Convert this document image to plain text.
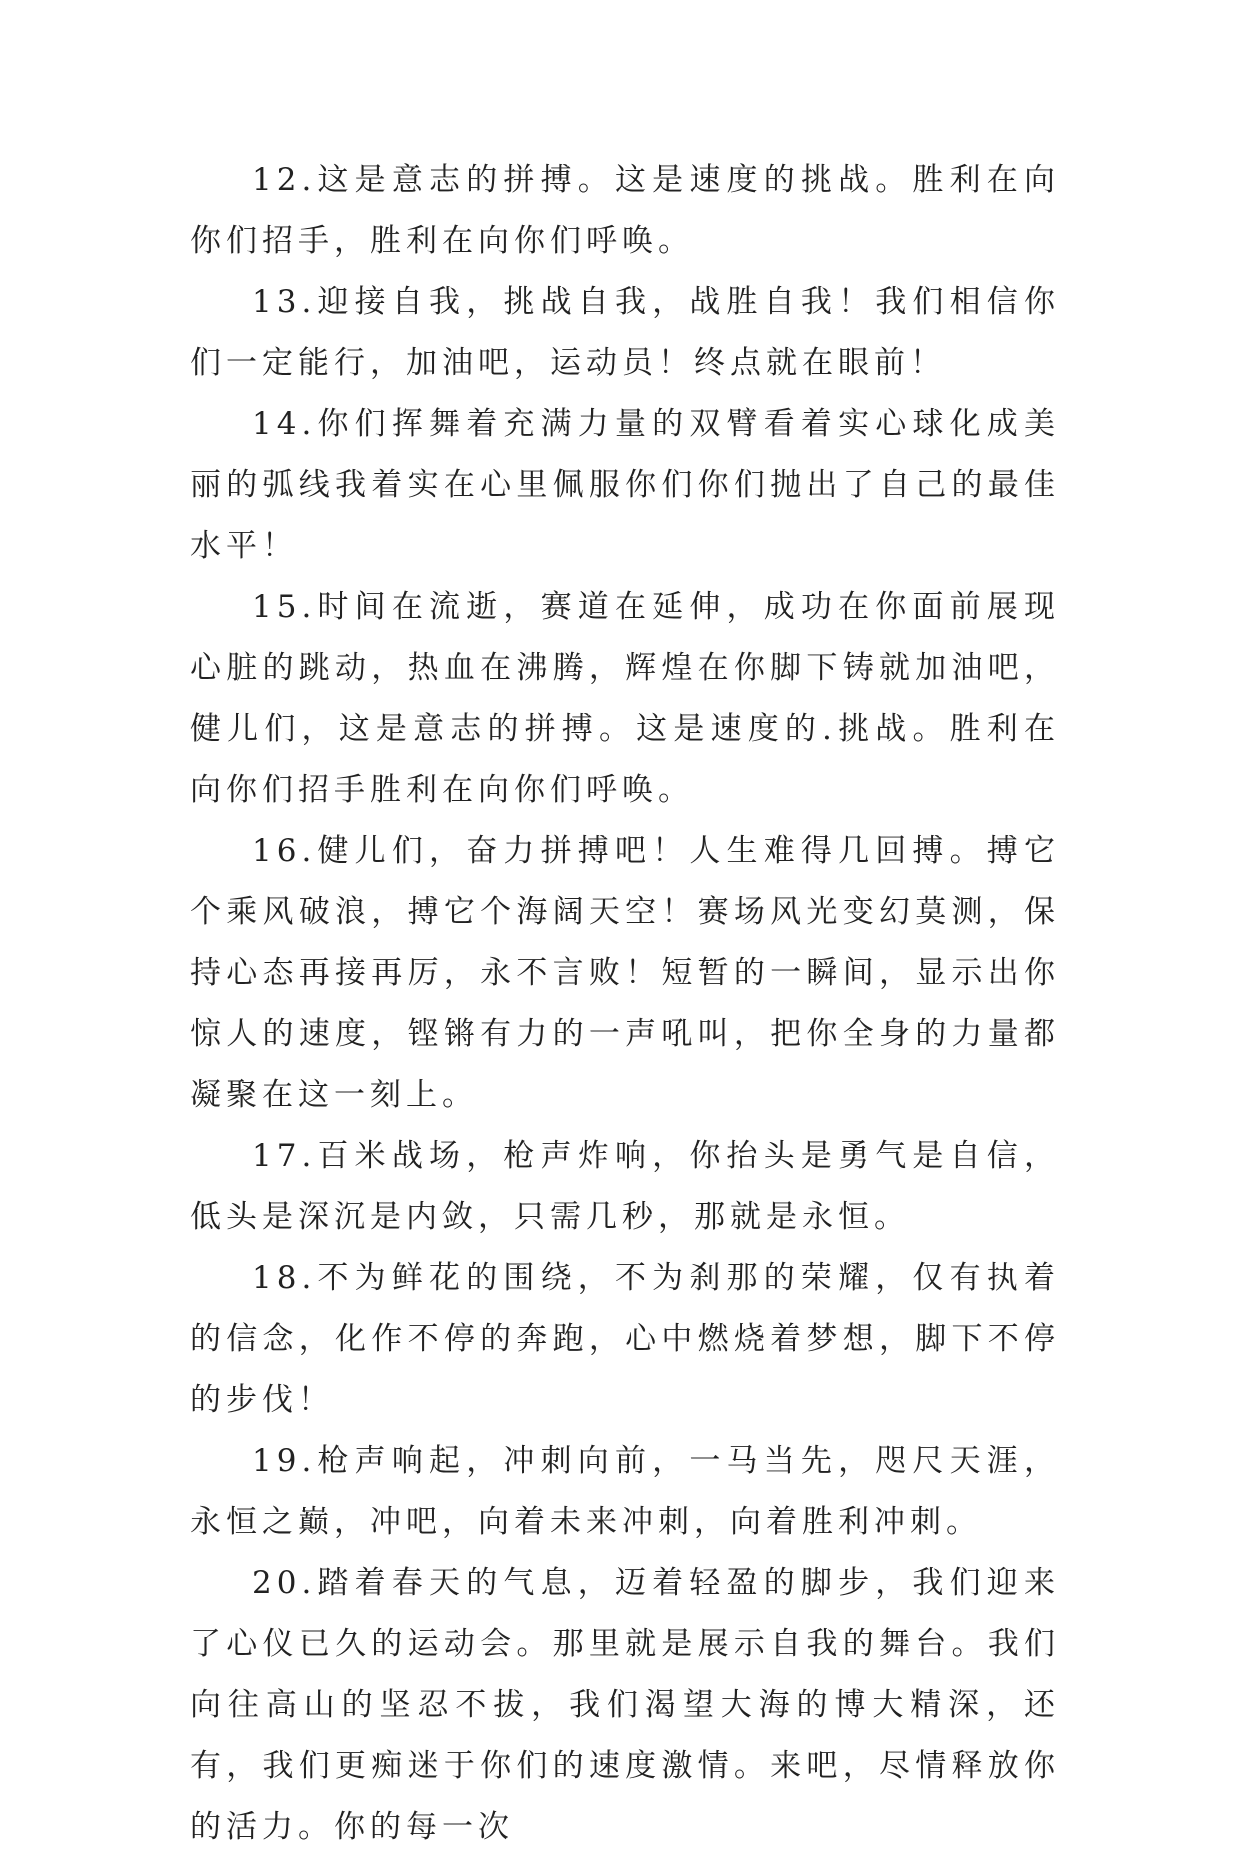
12.这是意志的拼搏。这是速度的挑战。胜利在向你们招手，胜利在向你们呼唤。

13.迎接自我，挑战自我，战胜自我！我们相信你们一定能行，加油吧，运动员！终点就在眼前！

14.你们挥舞着充满力量的双臂看着实心球化成美丽的弧线我着实在心里佩服你们你们抛出了自己的最佳水平！

15.时间在流逝，赛道在延伸，成功在你面前展现心脏的跳动，热血在沸腾，辉煌在你脚下铸就加油吧，健儿们，这是意志的拼搏。这是速度的.挑战。胜利在向你们招手胜利在向你们呼唤。

16.健儿们，奋力拼搏吧！人生难得几回搏。搏它个乘风破浪，搏它个海阔天空！赛场风光变幻莫测，保持心态再接再厉，永不言败！短暂的一瞬间，显示出你惊人的速度，铿锵有力的一声吼叫，把你全身的力量都凝聚在这一刻上。

17.百米战场，枪声炸响，你抬头是勇气是自信，低头是深沉是内敛，只需几秒，那就是永恒。

18.不为鲜花的围绕，不为刹那的荣耀，仅有执着的信念，化作不停的奔跑，心中燃烧着梦想，脚下不停的步伐！

19.枪声响起，冲刺向前，一马当先，咫尺天涯，永恒之巅，冲吧，向着未来冲刺，向着胜利冲刺。

20.踏着春天的气息，迈着轻盈的脚步，我们迎来了心仪已久的运动会。那里就是展示自我的舞台。我们向往高山的坚忍不拔，我们渴望大海的博大精深，还有，我们更痴迷于你们的速度激情。来吧，尽情释放你的活力。你的每一次
